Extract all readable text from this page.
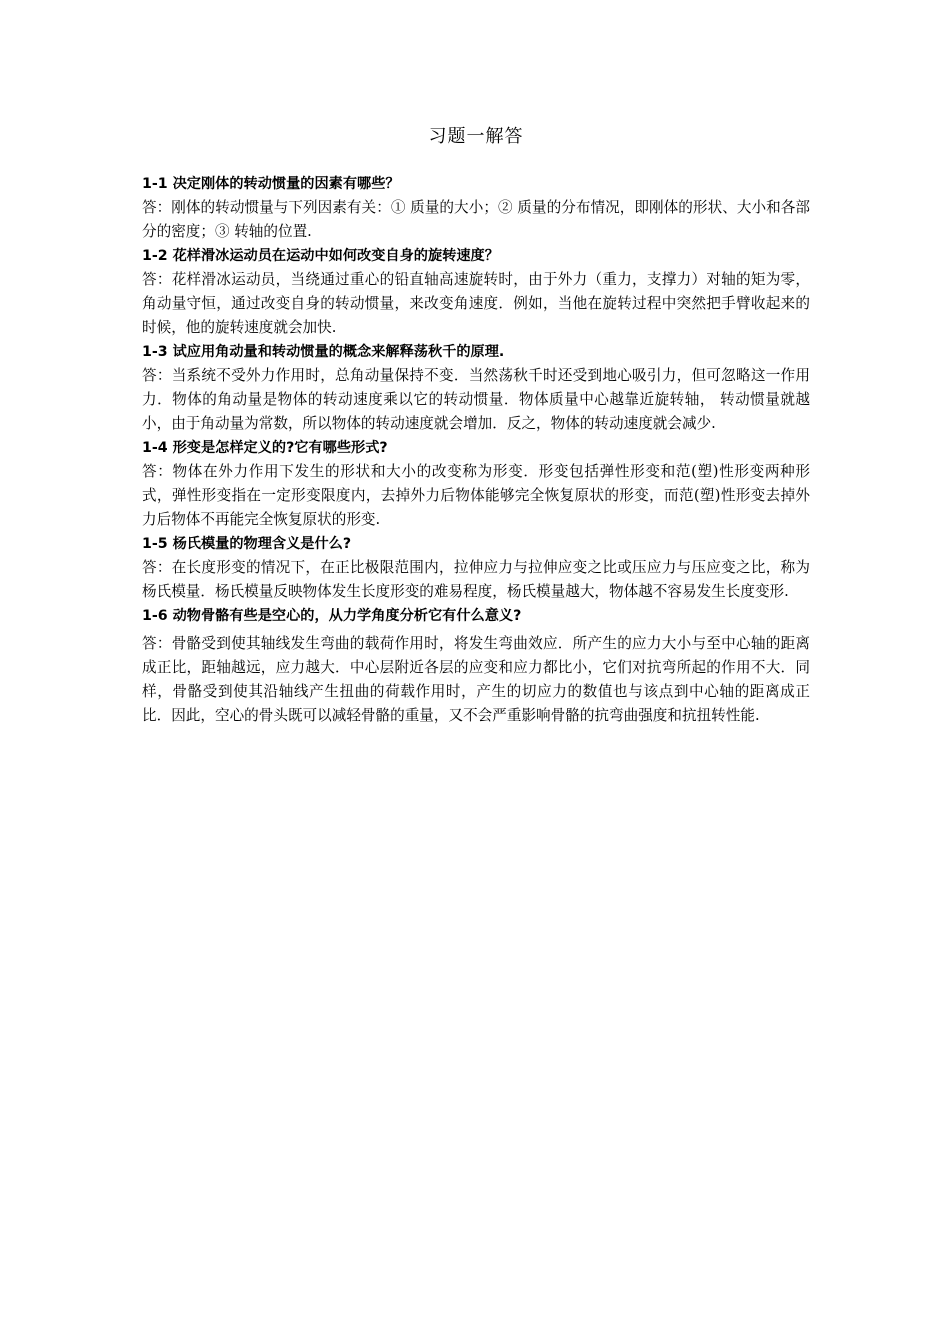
习题一解答

1-1 决定刚体的转动惯量的因素有哪些？

答：刚体的转动惯量与下列因素有关：① 质量的大小；② 质量的分布情况，即刚体的形状、大小和各部分的密度；③ 转轴的位置.

1-2 花样滑冰运动员在运动中如何改变自身的旋转速度？

答：花样滑冰运动员，当绕通过重心的铅直轴高速旋转时，由于外力（重力，支撑力）对轴的矩为零，角动量守恒，通过改变自身的转动惯量，来改变角速度．例如，当他在旋转过程中突然把手臂收起来的时候，他的旋转速度就会加快.

1-3 试应用角动量和转动惯量的概念来解释荡秋千的原理.

答：当系统不受外力作用时，总角动量保持不变．当然荡秋千时还受到地心吸引力，但可忽略这一作用力．物体的角动量是物体的转动速度乘以它的转动惯量．物体质量中心越靠近旋转轴， 转动惯量就越小，由于角动量为常数，所以物体的转动速度就会增加．反之，物体的转动速度就会减少.

1-4 形变是怎样定义的?它有哪些形式?

答：物体在外力作用下发生的形状和大小的改变称为形变．形变包括弹性形变和范(塑)性形变两种形式，弹性形变指在一定形变限度内，去掉外力后物体能够完全恢复原状的形变，而范(塑)性形变去掉外力后物体不再能完全恢复原状的形变.

1-5 杨氏模量的物理含义是什么?

答：在长度形变的情况下，在正比极限范围内，拉伸应力与拉伸应变之比或压应力与压应变之比，称为杨氏模量．杨氏模量反映物体发生长度形变的难易程度，杨氏模量越大，物体越不容易发生长度变形.

1-6 动物骨骼有些是空心的，从力学角度分析它有什么意义?

答：骨骼受到使其轴线发生弯曲的载荷作用时，将发生弯曲效应．所产生的应力大小与至中心轴的距离成正比，距轴越远，应力越大．中心层附近各层的应变和应力都比小，它们对抗弯所起的作用不大．同样，骨骼受到使其沿轴线产生扭曲的荷载作用时，产生的切应力的数值也与该点到中心轴的距离成正比．因此，空心的骨头既可以减轻骨骼的重量，又不会严重影响骨骼的抗弯曲强度和抗扭转性能.
